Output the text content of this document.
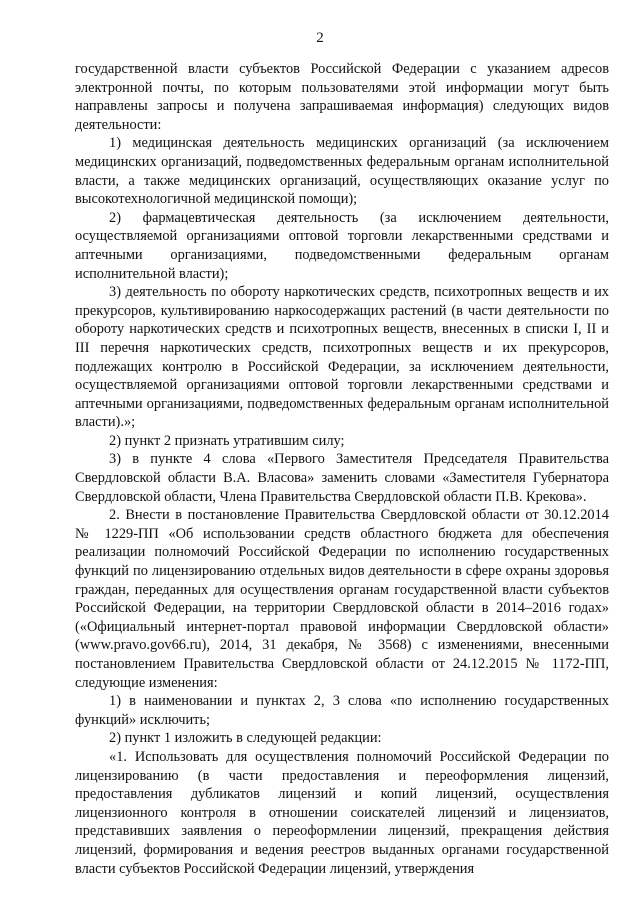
2

государственной власти субъектов Российской Федерации с указанием адресов электронной почты, по которым пользователями этой информации могут быть направлены запросы и получена запрашиваемая информация) следующих видов деятельности:

1) медицинская деятельность медицинских организаций (за исключением медицинских организаций, подведомственных федеральным органам исполнительной власти, а также медицинских организаций, осуществляющих оказание услуг по высокотехнологичной медицинской помощи);

2) фармацевтическая деятельность (за исключением деятельности, осуществляемой организациями оптовой торговли лекарственными средствами и аптечными организациями, подведомственными федеральным органам исполнительной власти);

3) деятельность по обороту наркотических средств, психотропных веществ и их прекурсоров, культивированию наркосодержащих растений (в части деятельности по обороту наркотических средств и психотропных веществ, внесенных в списки I, II и III перечня наркотических средств, психотропных веществ и их прекурсоров, подлежащих контролю в Российской Федерации, за исключением деятельности, осуществляемой организациями оптовой торговли лекарственными средствами и аптечными организациями, подведомственных федеральным органам исполнительной власти).»;

2) пункт 2 признать утратившим силу;

3) в пункте 4 слова «Первого Заместителя Председателя Правительства Свердловской области В.А. Власова» заменить словами «Заместителя Губернатора Свердловской области, Члена Правительства Свердловской области П.В. Крекова».

2. Внести в постановление Правительства Свердловской области от 30.12.2014 № 1229-ПП «Об использовании средств областного бюджета для обеспечения реализации полномочий Российской Федерации по исполнению государственных функций по лицензированию отдельных видов деятельности в сфере охраны здоровья граждан, переданных для осуществления органам государственной власти субъектов Российской Федерации, на территории Свердловской области в 2014–2016 годах» («Официальный интернет-портал правовой информации Свердловской области» (www.pravo.gov66.ru), 2014, 31 декабря, № 3568) с изменениями, внесенными постановлением Правительства Свердловской области от 24.12.2015 № 1172-ПП, следующие изменения:

1) в наименовании и пунктах 2, 3 слова «по исполнению государственных функций» исключить;

2) пункт 1 изложить в следующей редакции:

«1. Использовать для осуществления полномочий Российской Федерации по лицензированию (в части предоставления и переоформления лицензий, предоставления дубликатов лицензий и копий лицензий, осуществления лицензионного контроля в отношении соискателей лицензий и лицензиатов, представивших заявления о переоформлении лицензий, прекращения действия лицензий, формирования и ведения реестров выданных органами государственной власти субъектов Российской Федерации лицензий, утверждения
